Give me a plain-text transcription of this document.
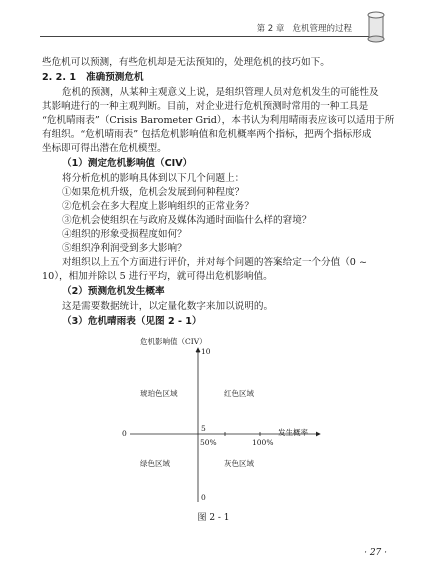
第 2 章 危机管理的过程
些危机可以预测，有些危机却是无法预知的，处理危机的技巧如下。
2. 2. 1 准确预测危机
危机的预测，从某种主观意义上说，是组织管理人员对危机发生的可能性及
其影响进行的一种主观判断。目前，对企业进行危机预测时常用的一种工具是
“危机晴雨表”（Crisis Barometer Grid），本书认为利用晴雨表应该可以适用于所
有组织。“危机晴雨表” 包括危机影响值和危机概率两个指标，把两个指标形成
坐标即可得出潜在危机模型。
（1）测定危机影响值（CIV）
将分析危机的影响具体到以下几个问题上：
①如果危机升级，危机会发展到何种程度？
②危机会在多大程度上影响组织的正常业务？
③危机会使组织在与政府及媒体沟通时面临什么样的窘境？
④组织的形象受损程度如何？
⑤组织净利润受到多大影响？
对组织以上五个方面进行评价，并对每个问题的答案给定一个分值（0 ~
10），相加并除以 5 进行平均，就可得出危机影响值。
（2）预测危机发生概率
这是需要数据统计，以定量化数字来加以说明的。
（3）危机晴雨表（见图 2 - 1）
危机影响值（CIV）
10
5
0
0
50%	100%
发生概率
琥珀色区域	红色区域
绿色区域	灰色区域
图 2 - 1
· 27 ·
